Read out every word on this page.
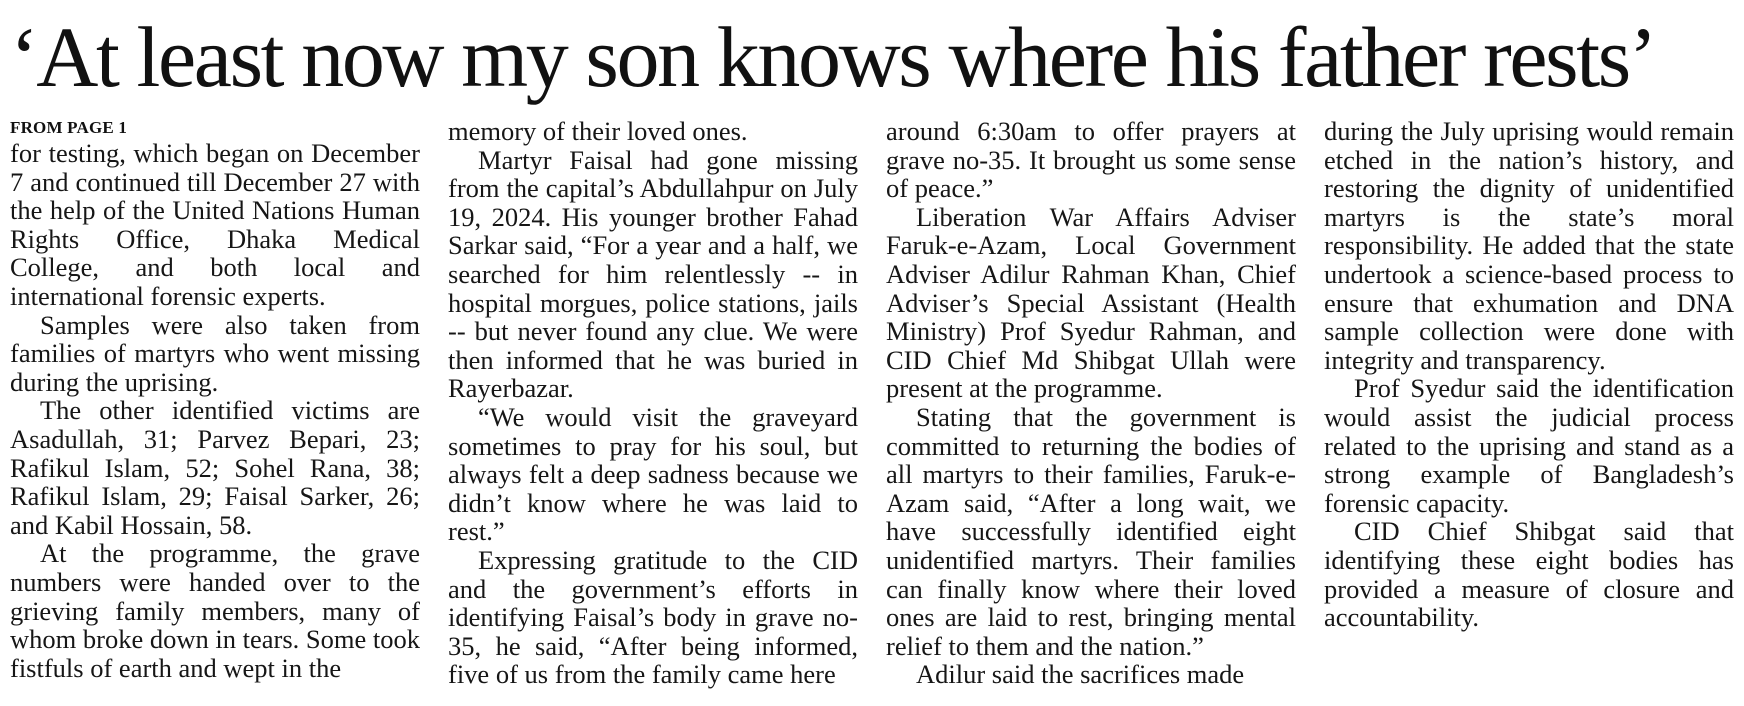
‘At least now my son knows where his father rests’
FROM PAGE 1

for testing, which began on December 7 and continued till December 27 with the help of the United Nations Human Rights Office, Dhaka Medical College, and both local and international forensic experts.

Samples were also taken from families of martyrs who went missing during the uprising.

The other identified victims are Asadullah, 31; Parvez Bepari, 23; Rafikul Islam, 52; Sohel Rana, 38; Rafikul Islam, 29; Faisal Sarker, 26; and Kabil Hossain, 58.

At the programme, the grave numbers were handed over to the grieving family members, many of whom broke down in tears. Some took fistfuls of earth and wept in the

memory of their loved ones.

Martyr Faisal had gone missing from the capital’s Abdullahpur on July 19, 2024. His younger brother Fahad Sarkar said, “For a year and a half, we searched for him relentlessly -- in hospital morgues, police stations, jails -- but never found any clue. We were then informed that he was buried in Rayerbazar.

“We would visit the graveyard sometimes to pray for his soul, but always felt a deep sadness because we didn’t know where he was laid to rest.”

Expressing gratitude to the CID and the government’s efforts in identifying Faisal’s body in grave no-35, he said, “After being informed, five of us from the family came here

around 6:30am to offer prayers at grave no-35. It brought us some sense of peace.”

Liberation War Affairs Adviser Faruk-e-Azam, Local Government Adviser Adilur Rahman Khan, Chief Adviser’s Special Assistant (Health Ministry) Prof Syedur Rahman, and CID Chief Md Shibgat Ullah were present at the programme.

Stating that the government is committed to returning the bodies of all martyrs to their families, Faruk-e-Azam said, “After a long wait, we have successfully identified eight unidentified martyrs. Their families can finally know where their loved ones are laid to rest, bringing mental relief to them and the nation.”

Adilur said the sacrifices made

during the July uprising would remain etched in the nation’s history, and restoring the dignity of unidentified martyrs is the state’s moral responsibility. He added that the state undertook a science-based process to ensure that exhumation and DNA sample collection were done with integrity and transparency.

Prof Syedur said the identification would assist the judicial process related to the uprising and stand as a strong example of Bangladesh’s forensic capacity.

CID Chief Shibgat said that identifying these eight bodies has provided a measure of closure and accountability.
